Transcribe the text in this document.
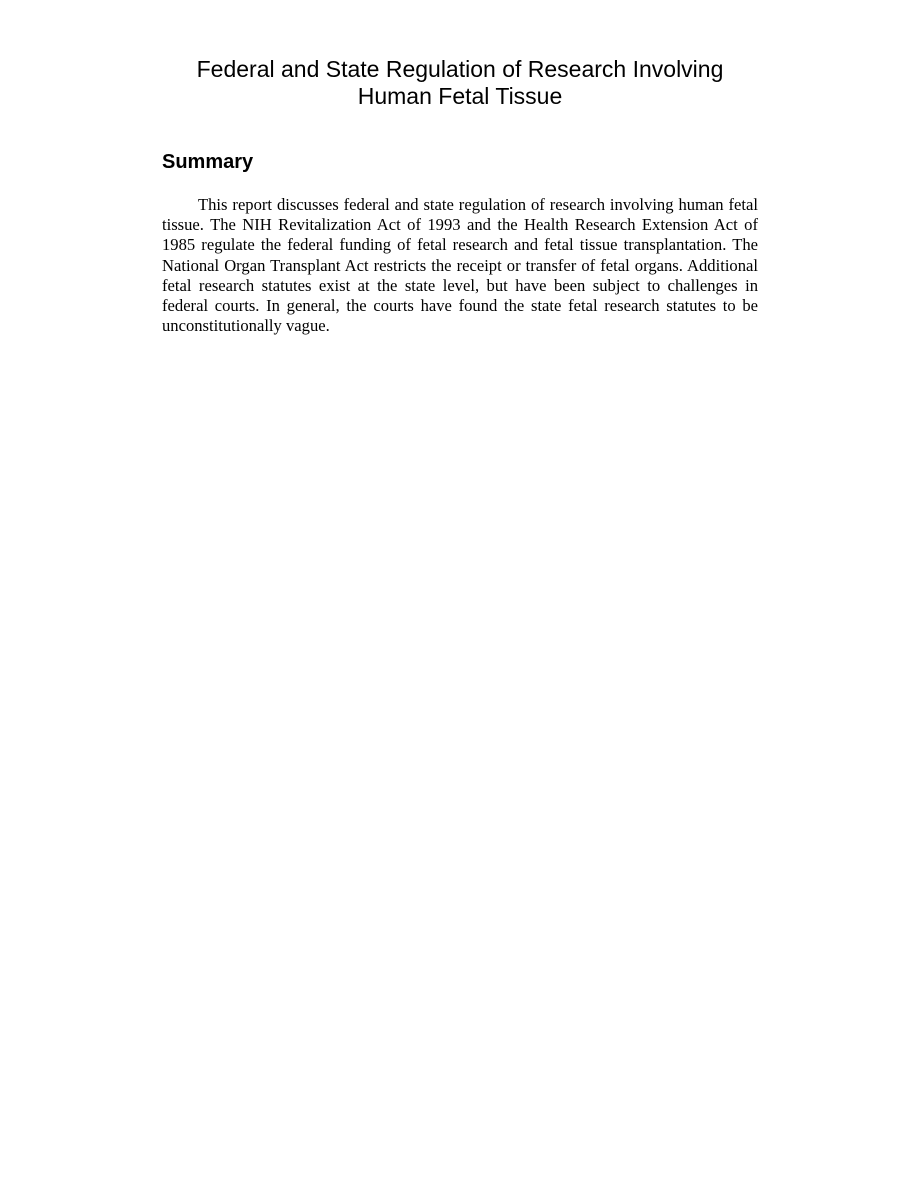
Federal and State Regulation of Research Involving
Human Fetal Tissue
Summary

This report discusses federal and state regulation of research involving human fetal tissue. The NIH Revitalization Act of 1993 and the Health Research Extension Act of 1985 regulate the federal funding of fetal research and fetal tissue transplantation. The National Organ Transplant Act restricts the receipt or transfer of fetal organs. Additional fetal research statutes exist at the state level, but have been subject to challenges in federal courts. In general, the courts have found the state fetal research statutes to be unconstitutionally vague.
